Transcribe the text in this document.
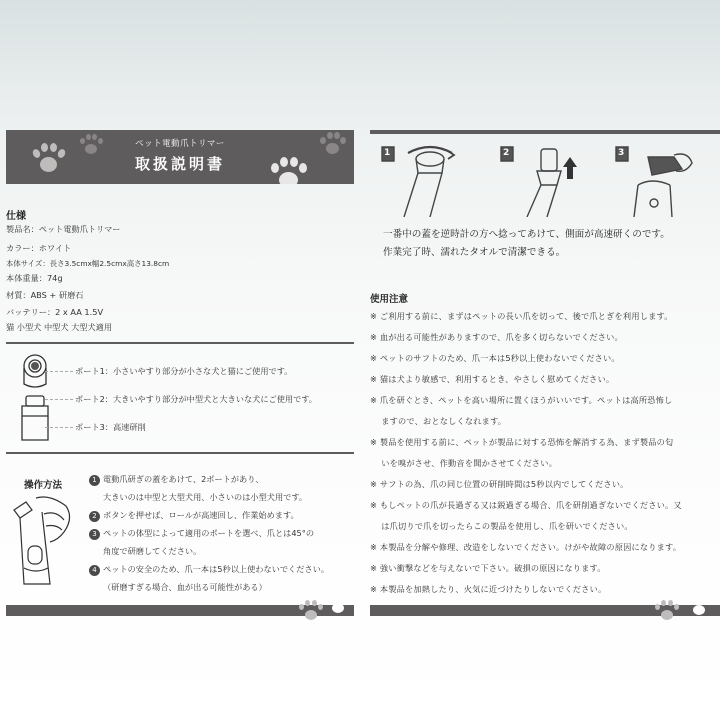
ペット電動爪トリマー
取扱説明書
仕様
製品名：ペット電動爪トリマー
カラー：ホワイト
本体サイズ：長さ3.5cmx幅2.5cmx高さ13.8cm
本体重量：74g
材質：ABS + 研磨石
バッテリー：2 x AA 1.5V
猫 小型犬 中型犬 大型犬適用
ポート1：小さいやすり部分が小さな犬と猫にご使用です。
ポート2：大きいやすり部分が中型犬と大きいな犬にご使用です。
ポート3：高速研削
操作方法	1 電動爪研ぎの蓋をあけて、2ポートがあり、
大きいのは中型と大型犬用、小さいのは小型犬用です。
2 ボタンを押せば、ロールが高速回し、作業始めます。
3 ペットの体型によって適用のポートを選べ、爪とは45°の
角度で研磨してください。
4 ペットの安全のため、爪一本は5秒以上使わないでください。
（研磨すぎる場合、血が出る可能性がある）
1	2	3
一番中の蓋を逆時計の方へ捻ってあけて、側面が高速研くのです。
作業完了時、濡れたタオルで清潔できる。
使用注意
※ ご利用する前に、まずはペットの長い爪を切って、後で爪とぎを利用します。
※ 血が出る可能性がありますので、爪を多く切らないでください。
※ ペットのサフトのため、爪一本は5秒以上使わないでください。
※ 猫は犬より敏感で、利用するとき、やさしく慰めてください。
※ 爪を研ぐとき、ペットを高い場所に置くほうがいいです。ペットは高所恐怖し
　 ますので、おとなしくなれます。
※ 製品を使用する前に、ペットが製品に対する恐怖を解消する為、まず製品の匂
　 いを嗅がさせ、作動音を聞かさせてください。
※ サフトの為、爪の同じ位置の研削時間は5秒以内でしてください。
※ もしペットの爪が長過ぎる又は鋭過ぎる場合、爪を研削過ぎないでください。又
　 は爪切りで爪を切ったらこの製品を使用し、爪を研いでください。
※ 本製品を分解や修理、改造をしないでください。けがや故障の原因になります。
※ 強い衝撃などを与えないで下さい。破損の原因になります。
※ 本製品を加熱したり、火気に近づけたりしないでください。
